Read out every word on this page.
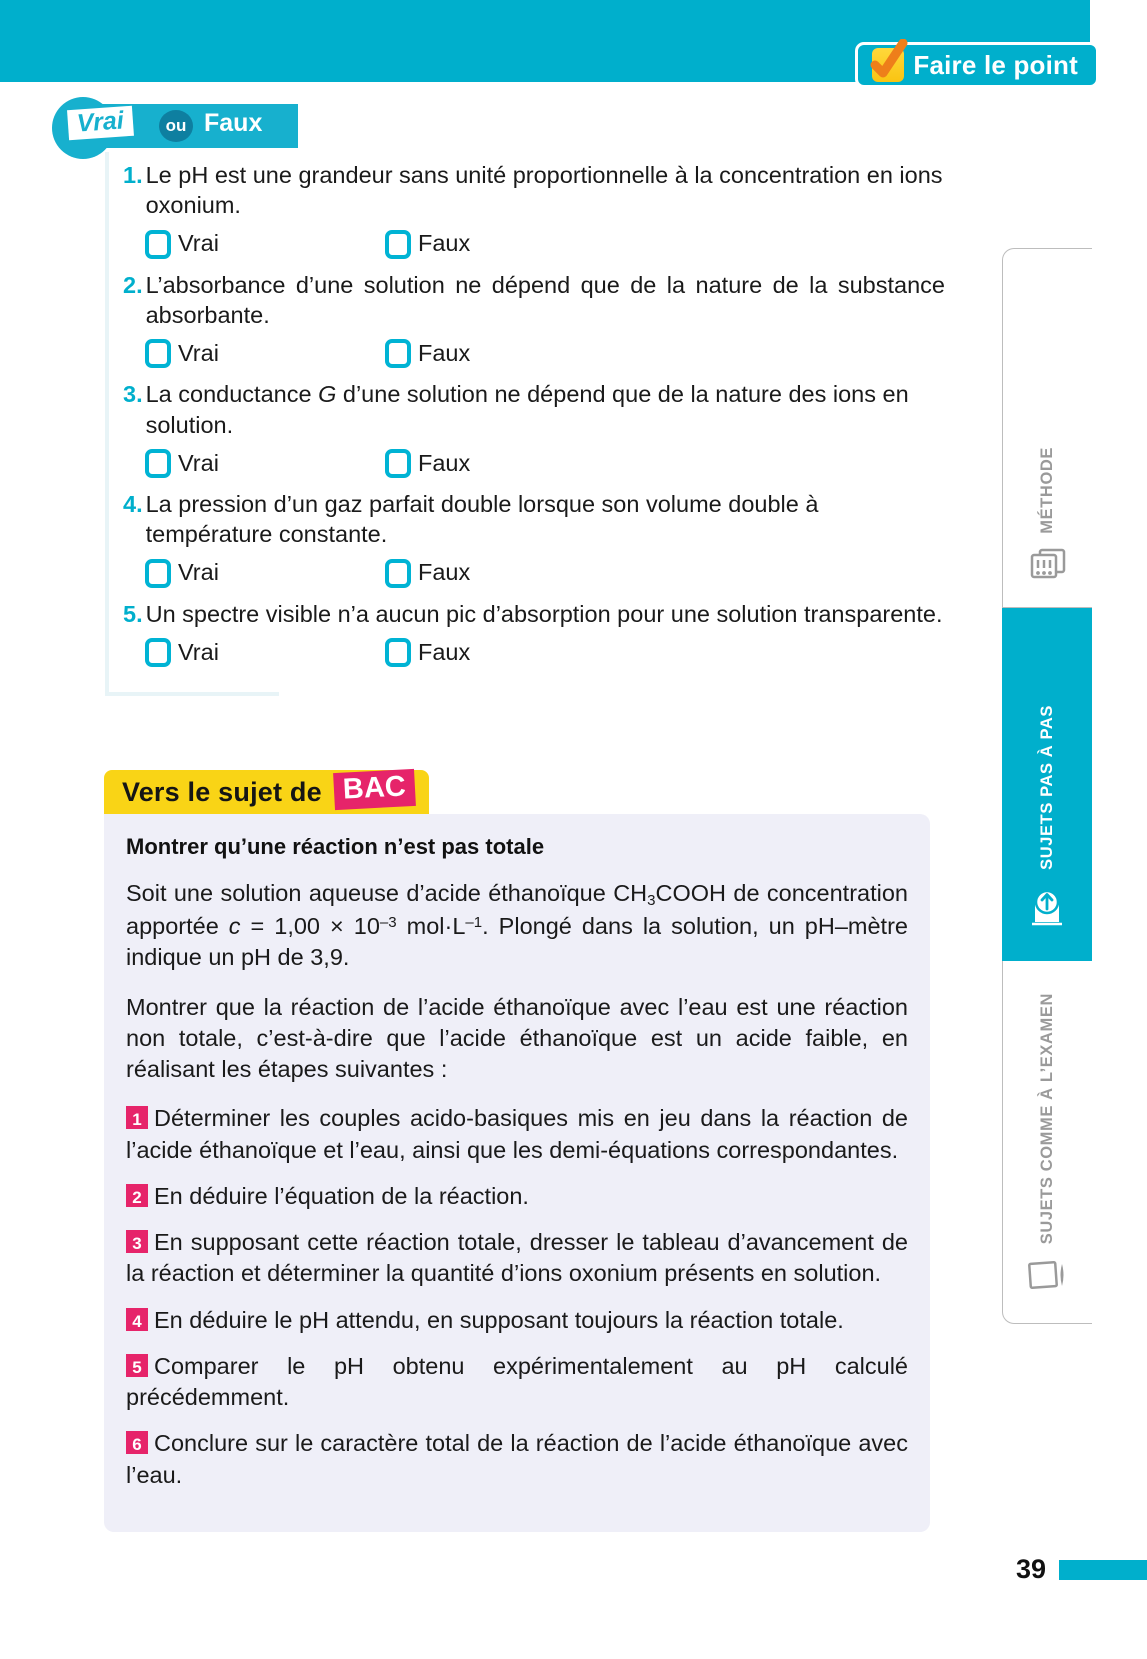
Faire le point
Vrai	ou Faux
1. Le pH est une grandeur sans unité proportionnelle à la concentration en ions oxonium.
Vrai	Faux
2. L’absorbance d’une solution ne dépend que de la nature de la substance absorbante.
Vrai	Faux
3. La conductance G d’une solution ne dépend que de la nature des ions en solution.
Vrai	Faux
4. La pression d’un gaz parfait double lorsque son volume double à température constante.
Vrai	Faux
5. Un spectre visible n’a aucun pic d’absorption pour une solution transparente.
Vrai	Faux
Vers le sujet de BAC
Montrer qu’une réaction n’est pas totale

Soit une solution aqueuse d’acide éthanoïque $CH_3COOH$ de concentration apportée $c = 1,00 \times 10^{-3}$ $mol\cdot L^{-1}$. Plongé dans la solution, un pH–mètre indique un pH de 3,9.

Montrer que la réaction de l’acide éthanoïque avec l’eau est une réaction non totale, c’est-à-dire que l’acide éthanoïque est un acide faible, en réalisant les étapes suivantes :

1 Déterminer les couples acido-basiques mis en jeu dans la réaction de l’acide éthanoïque et l’eau, ainsi que les demi-équations correspondantes.

2 En déduire l’équation de la réaction.

3 En supposant cette réaction totale, dresser le tableau d’avancement de la réaction et déterminer la quantité d’ions oxonium présents en solution.

4 En déduire le pH attendu, en supposant toujours la réaction totale.

5 Comparer le pH obtenu expérimentalement au pH calculé précédemment.

6 Conclure sur le caractère total de la réaction de l’acide éthanoïque avec l’eau.

MÉTHODE
SUJETS PAS À PAS
SUJETS COMME À L’EXAMEN
39
